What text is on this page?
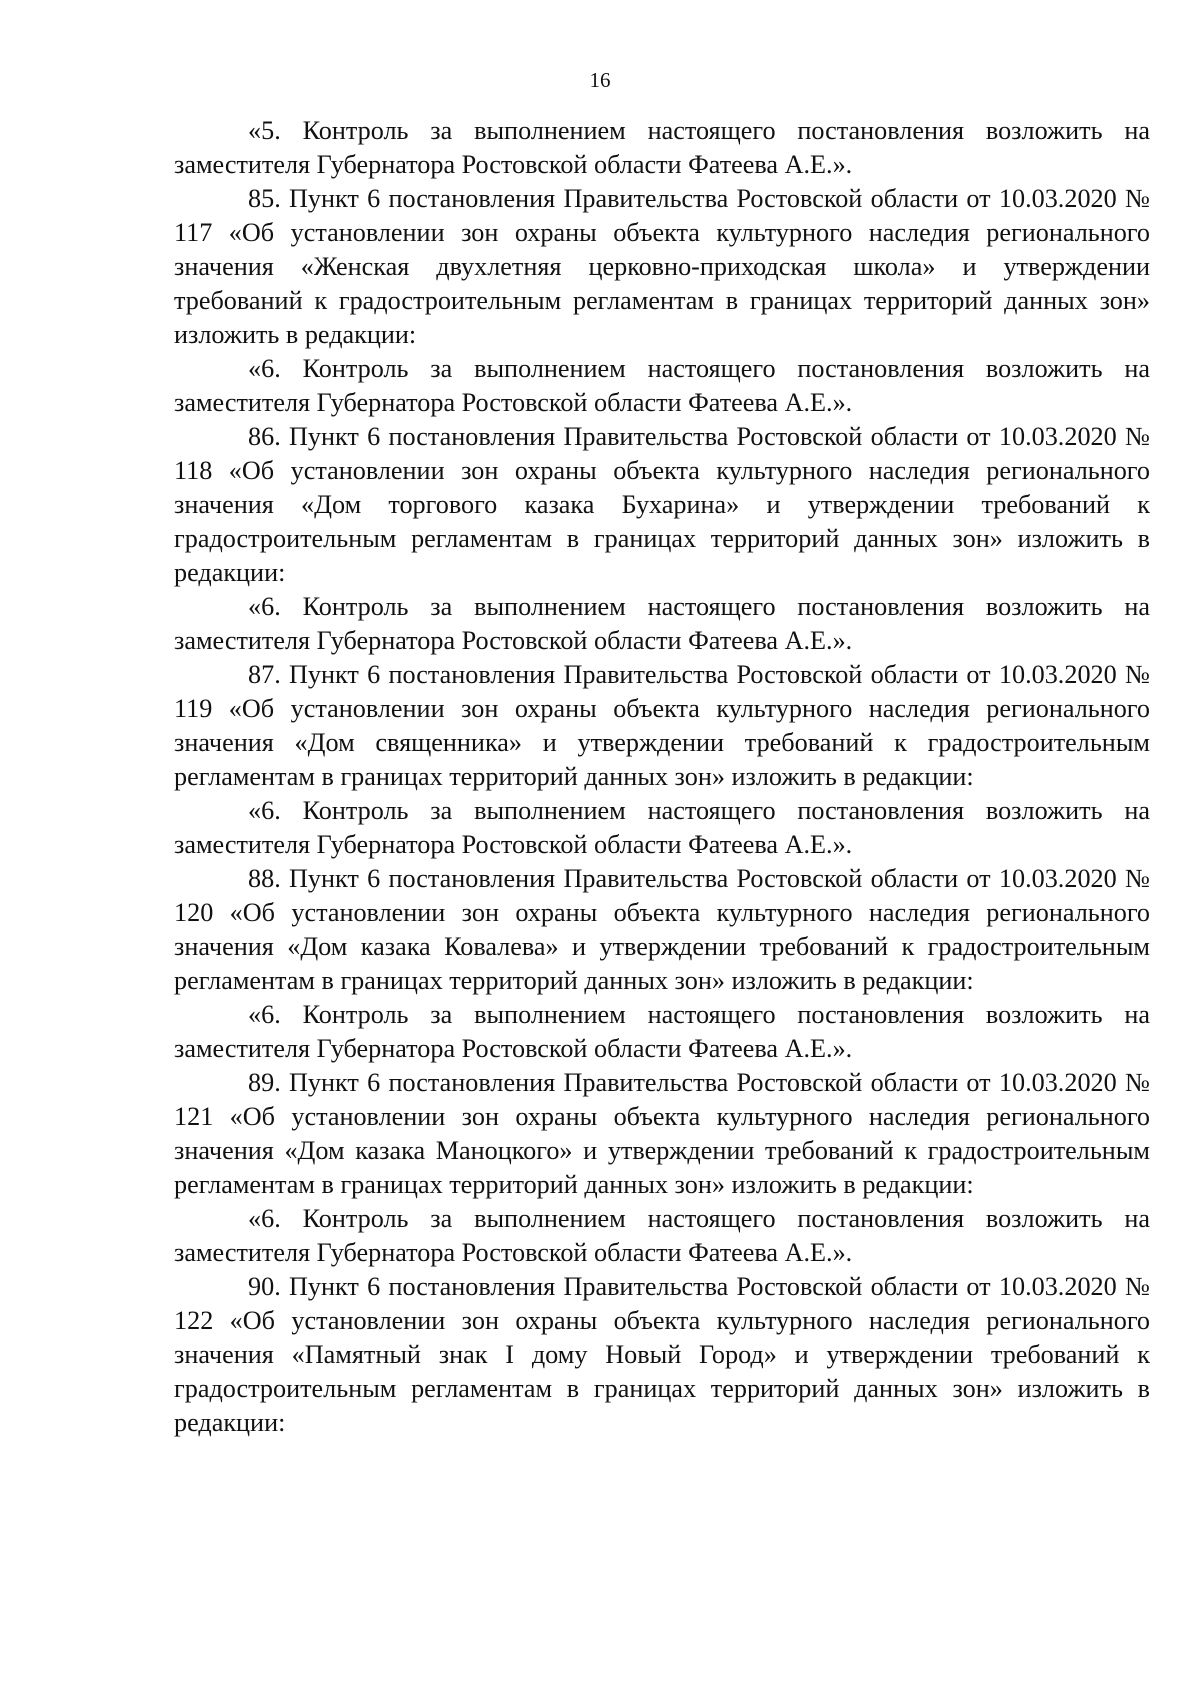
16

«5. Контроль за выполнением настоящего постановления возложить на заместителя Губернатора Ростовской области Фатеева А.Е.».

85. Пункт 6 постановления Правительства Ростовской области от 10.03.2020 № 117 «Об установлении зон охраны объекта культурного наследия регионального значения «Женская двухлетняя церковно-приходская школа» и утверждении требований к градостроительным регламентам в границах территорий данных зон» изложить в редакции:

«6. Контроль за выполнением настоящего постановления возложить на заместителя Губернатора Ростовской области Фатеева А.Е.».

86. Пункт 6 постановления Правительства Ростовской области от 10.03.2020 № 118 «Об установлении зон охраны объекта культурного наследия регионального значения «Дом торгового казака Бухарина» и утверждении требований к градостроительным регламентам в границах территорий данных зон» изложить в редакции:

«6. Контроль за выполнением настоящего постановления возложить на заместителя Губернатора Ростовской области Фатеева А.Е.».

87. Пункт 6 постановления Правительства Ростовской области от 10.03.2020 № 119 «Об установлении зон охраны объекта культурного наследия регионального значения «Дом священника» и утверждении требований к градостроительным регламентам в границах территорий данных зон» изложить в редакции:

«6. Контроль за выполнением настоящего постановления возложить на заместителя Губернатора Ростовской области Фатеева А.Е.».

88. Пункт 6 постановления Правительства Ростовской области от 10.03.2020 № 120 «Об установлении зон охраны объекта культурного наследия регионального значения «Дом казака Ковалева» и утверждении требований к градостроительным регламентам в границах территорий данных зон» изложить в редакции:

«6. Контроль за выполнением настоящего постановления возложить на заместителя Губернатора Ростовской области Фатеева А.Е.».

89. Пункт 6 постановления Правительства Ростовской области от 10.03.2020 № 121 «Об установлении зон охраны объекта культурного наследия регионального значения «Дом казака Маноцкого» и утверждении требований к градостроительным регламентам в границах территорий данных зон» изложить в редакции:

«6. Контроль за выполнением настоящего постановления возложить на заместителя Губернатора Ростовской области Фатеева А.Е.».

90. Пункт 6 постановления Правительства Ростовской области от 10.03.2020 № 122 «Об установлении зон охраны объекта культурного наследия регионального значения «Памятный знак I дому Новый Город» и утверждении требований к градостроительным регламентам в границах территорий данных зон» изложить в редакции:
